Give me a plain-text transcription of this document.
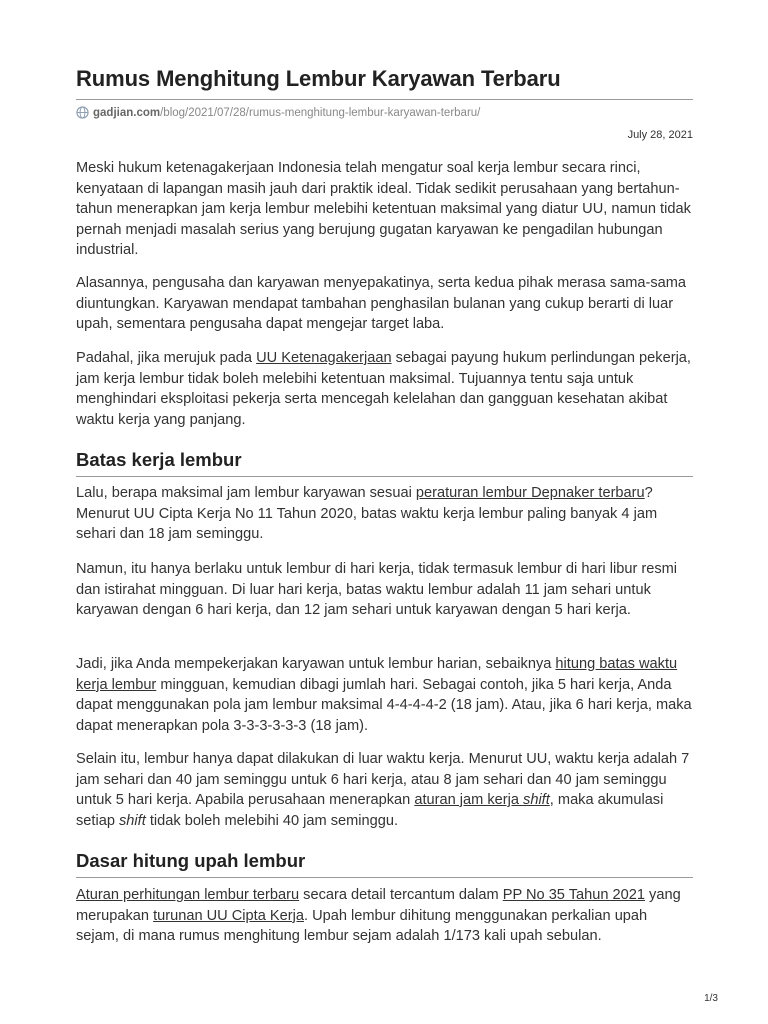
Rumus Menghitung Lembur Karyawan Terbaru
gadjian.com /blog/2021/07/28/rumus-menghitung-lembur-karyawan-terbaru/
July 28, 2021

Meski hukum ketenagakerjaan Indonesia telah mengatur soal kerja lembur secara rinci, kenyataan di lapangan masih jauh dari praktik ideal. Tidak sedikit perusahaan yang bertahun-tahun menerapkan jam kerja lembur melebihi ketentuan maksimal yang diatur UU, namun tidak pernah menjadi masalah serius yang berujung gugatan karyawan ke pengadilan hubungan industrial.

Alasannya, pengusaha dan karyawan menyepakatinya, serta kedua pihak merasa sama-sama diuntungkan. Karyawan mendapat tambahan penghasilan bulanan yang cukup berarti di luar upah, sementara pengusaha dapat mengejar target laba.

Padahal, jika merujuk pada UU Ketenagakerjaan sebagai payung hukum perlindungan pekerja, jam kerja lembur tidak boleh melebihi ketentuan maksimal. Tujuannya tentu saja untuk menghindari eksploitasi pekerja serta mencegah kelelahan dan gangguan kesehatan akibat waktu kerja yang panjang.

Batas kerja lembur

Lalu, berapa maksimal jam lembur karyawan sesuai peraturan lembur Depnaker terbaru? Menurut UU Cipta Kerja No 11 Tahun 2020, batas waktu kerja lembur paling banyak 4 jam sehari dan 18 jam seminggu.

Namun, itu hanya berlaku untuk lembur di hari kerja, tidak termasuk lembur di hari libur resmi dan istirahat mingguan. Di luar hari kerja, batas waktu lembur adalah 11 jam sehari untuk karyawan dengan 6 hari kerja, dan 12 jam sehari untuk karyawan dengan 5 hari kerja.

Jadi, jika Anda mempekerjakan karyawan untuk lembur harian, sebaiknya hitung batas waktu kerja lembur mingguan, kemudian dibagi jumlah hari. Sebagai contoh, jika 5 hari kerja, Anda dapat menggunakan pola jam lembur maksimal 4-4-4-4-2 (18 jam). Atau, jika 6 hari kerja, maka dapat menerapkan pola 3-3-3-3-3-3 (18 jam).

Selain itu, lembur hanya dapat dilakukan di luar waktu kerja. Menurut UU, waktu kerja adalah 7 jam sehari dan 40 jam seminggu untuk 6 hari kerja, atau 8 jam sehari dan 40 jam seminggu untuk 5 hari kerja. Apabila perusahaan menerapkan aturan jam kerja shift, maka akumulasi setiap shift tidak boleh melebihi 40 jam seminggu.

Dasar hitung upah lembur

Aturan perhitungan lembur terbaru secara detail tercantum dalam PP No 35 Tahun 2021 yang merupakan turunan UU Cipta Kerja. Upah lembur dihitung menggunakan perkalian upah sejam, di mana rumus menghitung lembur sejam adalah 1/173 kali upah sebulan.

1/3
